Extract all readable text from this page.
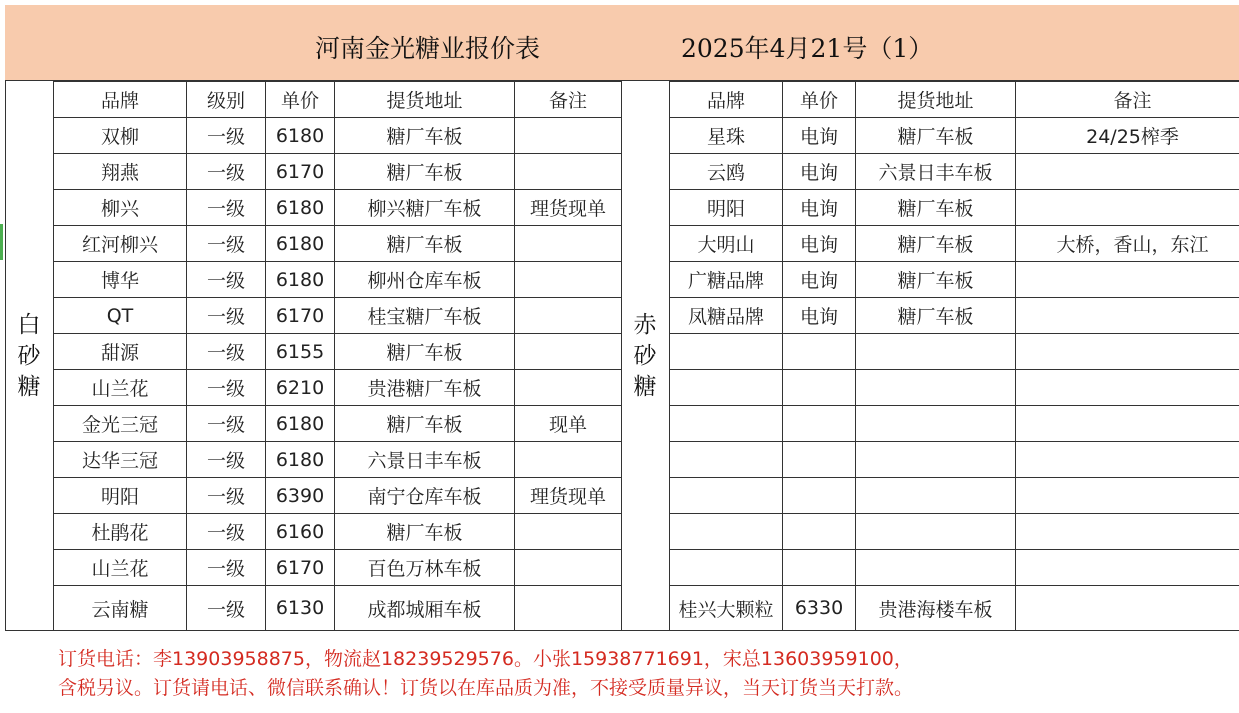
河南金光糖业报价表	2025年4月21号（1）
白砂糖
品牌	级别	单价	提货地址	备注
双柳	一级	6180	糖厂车板	
翔燕	一级	6170	糖厂车板	
柳兴	一级	6180	柳兴糖厂车板	理货现单
红河柳兴	一级	6180	糖厂车板	
博华	一级	6180	柳州仓库车板	
QT	一级	6170	桂宝糖厂车板	
甜源	一级	6155	糖厂车板	
山兰花	一级	6210	贵港糖厂车板	
金光三冠	一级	6180	糖厂车板	现单
达华三冠	一级	6180	六景日丰车板	
明阳	一级	6390	南宁仓库车板	理货现单
杜鹃花	一级	6160	糖厂车板	
山兰花	一级	6170	百色万林车板	
云南糖	一级	6130	成都城厢车板	
赤砂糖
品牌	单价	提货地址	备注
星珠	电询	糖厂车板	24/25榨季
云鸥	电询	六景日丰车板	
明阳	电询	糖厂车板	
大明山	电询	糖厂车板	大桥，香山，东江
广糖品牌	电询	糖厂车板	
凤糖品牌	电询	糖厂车板	

桂兴大颗粒	6330	贵港海楼车板	
订货电话：李13903958875，物流赵18239529576。小张15938771691，宋总13603959100，
含税另议。订货请电话、微信联系确认！订货以在库品质为准，不接受质量异议，当天订货当天打款。
